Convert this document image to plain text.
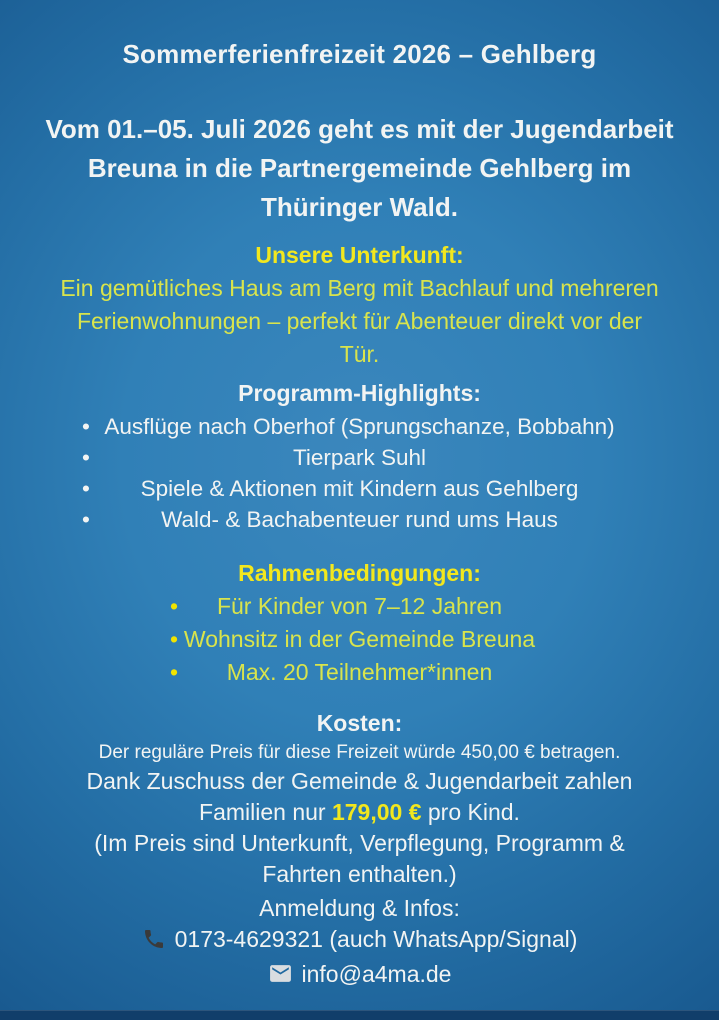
Sommerferienfreizeit 2026 – Gehlberg
Vom 01.–05. Juli 2026 geht es mit der Jugendarbeit
Breuna in die Partnergemeinde Gehlberg im
Thüringer Wald.
Unsere Unterkunft:
Ein gemütliches Haus am Berg mit Bachlauf und mehreren
Ferienwohnungen – perfekt für Abenteuer direkt vor der
Tür.
Programm-Highlights:
• Ausflüge nach Oberhof (Sprungschanze, Bobbahn)
• Tierpark Suhl
• Spiele & Aktionen mit Kindern aus Gehlberg
• Wald- & Bachabenteuer rund ums Haus
Rahmenbedingungen:
• Für Kinder von 7–12 Jahren
• Wohnsitz in der Gemeinde Breuna
• Max. 20 Teilnehmer*innen
Kosten:
Der reguläre Preis für diese Freizeit würde 450,00 € betragen.
Dank Zuschuss der Gemeinde & Jugendarbeit zahlen
Familien nur 179,00 € pro Kind.
(Im Preis sind Unterkunft, Verpflegung, Programm &
Fahrten enthalten.)
Anmeldung & Infos:
0173-4629321 (auch WhatsApp/Signal)
info@a4ma.de
